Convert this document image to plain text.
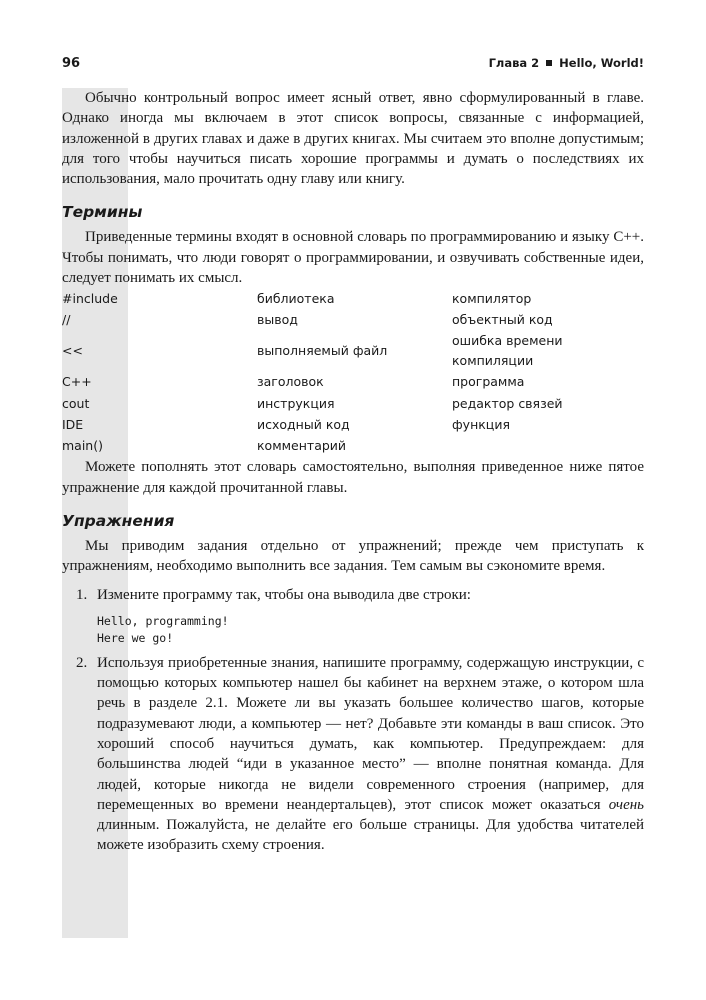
96	Глава 2 Hello, World!

Обычно контрольный вопрос имеет ясный ответ, явно сформулированный в главе. Однако иногда мы включаем в этот список вопросы, связанные с информацией, изложенной в других главах и даже в других книгах. Мы считаем это вполне допустимым; для того чтобы научиться писать хорошие программы и думать о последствиях их использования, мало прочитать одну главу или книгу.

Термины

Приведенные термины входят в основной словарь по программированию и языку C++. Чтобы понимать, что люди говорят о программировании, и озвучивать собственные идеи, следует понимать их смысл.

#include	библиотека	компилятор
//	вывод	объектный код
<<	выполняемый файл	ошибка времени компиляции
C++	заголовок	программа
cout	инструкция	редактор связей
IDE	исходный код	функция
main()	комментарий	

Можете пополнять этот словарь самостоятельно, выполняя приведенное ниже пятое упражнение для каждой прочитанной главы.

Упражнения

Мы приводим задания отдельно от упражнений; прежде чем приступать к упражнениям, необходимо выполнить все задания. Тем самым вы сэкономите время.

1. Измените программу так, чтобы она выводила две строки:
Hello, programming!
Here we go!
2. Используя приобретенные знания, напишите программу, содержащую инструкции, с помощью которых компьютер нашел бы кабинет на верхнем этаже, о котором шла речь в разделе 2.1. Можете ли вы указать большее количество шагов, которые подразумевают люди, а компьютер — нет? Добавьте эти команды в ваш список. Это хороший способ научиться думать, как компьютер. Предупреждаем: для большинства людей “иди в указанное место” — вполне понятная команда. Для людей, которые никогда не видели современного строения (например, для перемещенных во времени неандертальцев), этот список может оказаться очень длинным. Пожалуйста, не делайте его больше страницы. Для удобства читателей можете изобразить схему строения.
